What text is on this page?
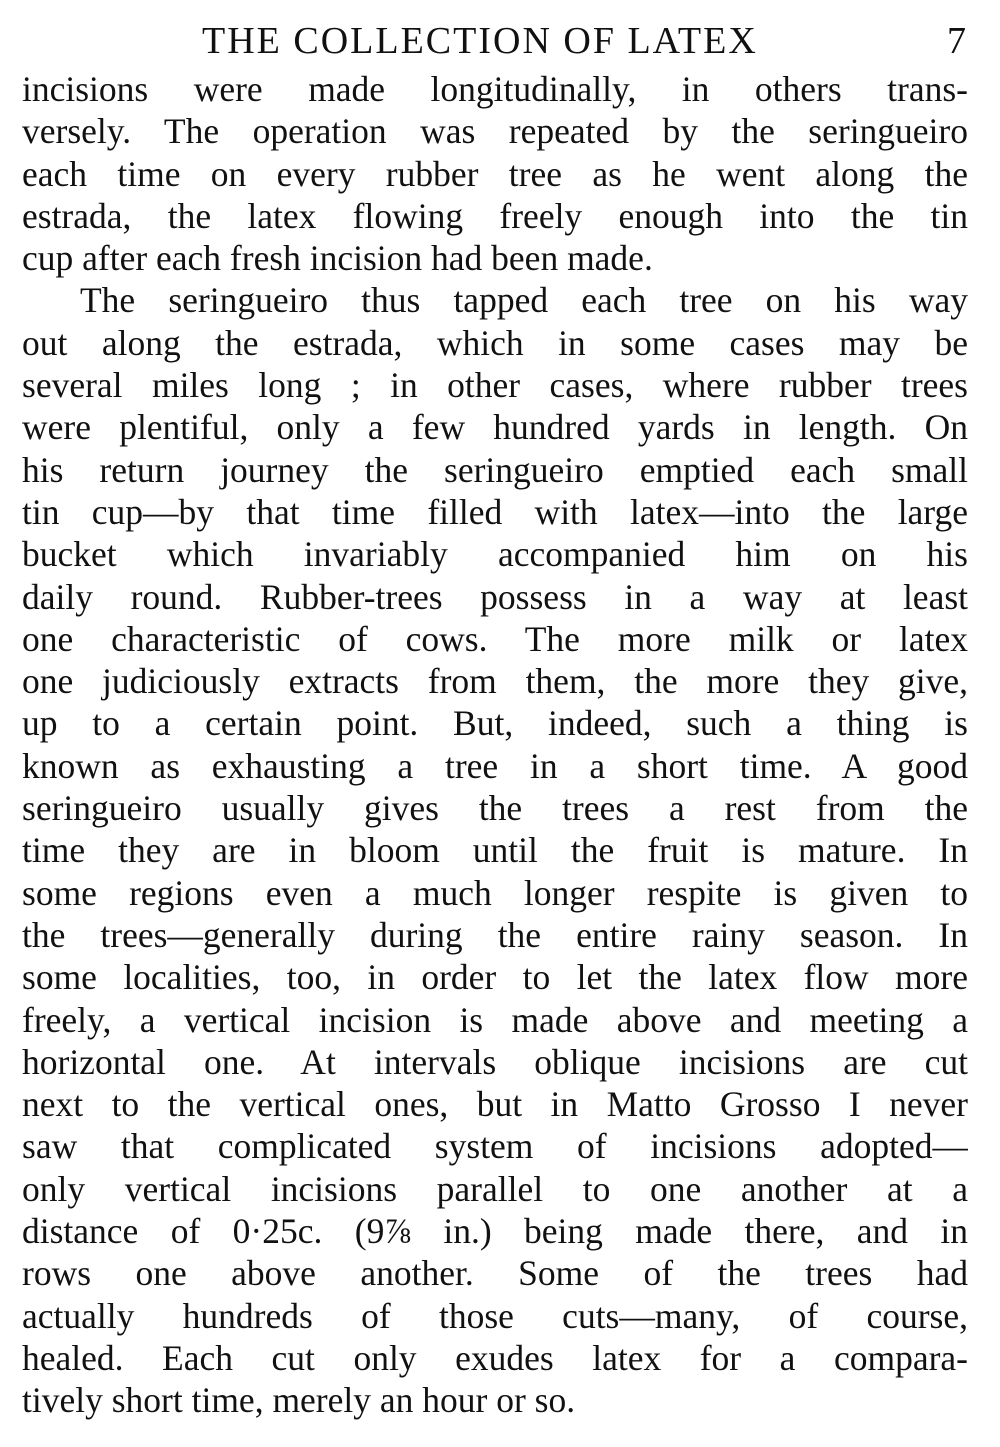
THE COLLECTION OF LATEX	7
incisions were made longitudinally, in others trans-
versely. The operation was repeated by the seringueiro
each time on every rubber tree as he went along the
estrada, the latex flowing freely enough into the tin
cup after each fresh incision had been made.
The seringueiro thus tapped each tree on his way
out along the estrada, which in some cases may be
several miles long ; in other cases, where rubber trees
were plentiful, only a few hundred yards in length. On
his return journey the seringueiro emptied each small
tin cup—by that time filled with latex—into the large
bucket which invariably accompanied him on his
daily round. Rubber-trees possess in a way at least
one characteristic of cows. The more milk or latex
one judiciously extracts from them, the more they give,
up to a certain point. But, indeed, such a thing is
known as exhausting a tree in a short time. A good
seringueiro usually gives the trees a rest from the
time they are in bloom until the fruit is mature. In
some regions even a much longer respite is given to
the trees—generally during the entire rainy season. In
some localities, too, in order to let the latex flow more
freely, a vertical incision is made above and meeting a
horizontal one. At intervals oblique incisions are cut
next to the vertical ones, but in Matto Grosso I never
saw that complicated system of incisions adopted—
only vertical incisions parallel to one another at a
distance of 0·25c. (9⅞ in.) being made there, and in
rows one above another. Some of the trees had
actually hundreds of those cuts—many, of course,
healed. Each cut only exudes latex for a compara-
tively short time, merely an hour or so.
